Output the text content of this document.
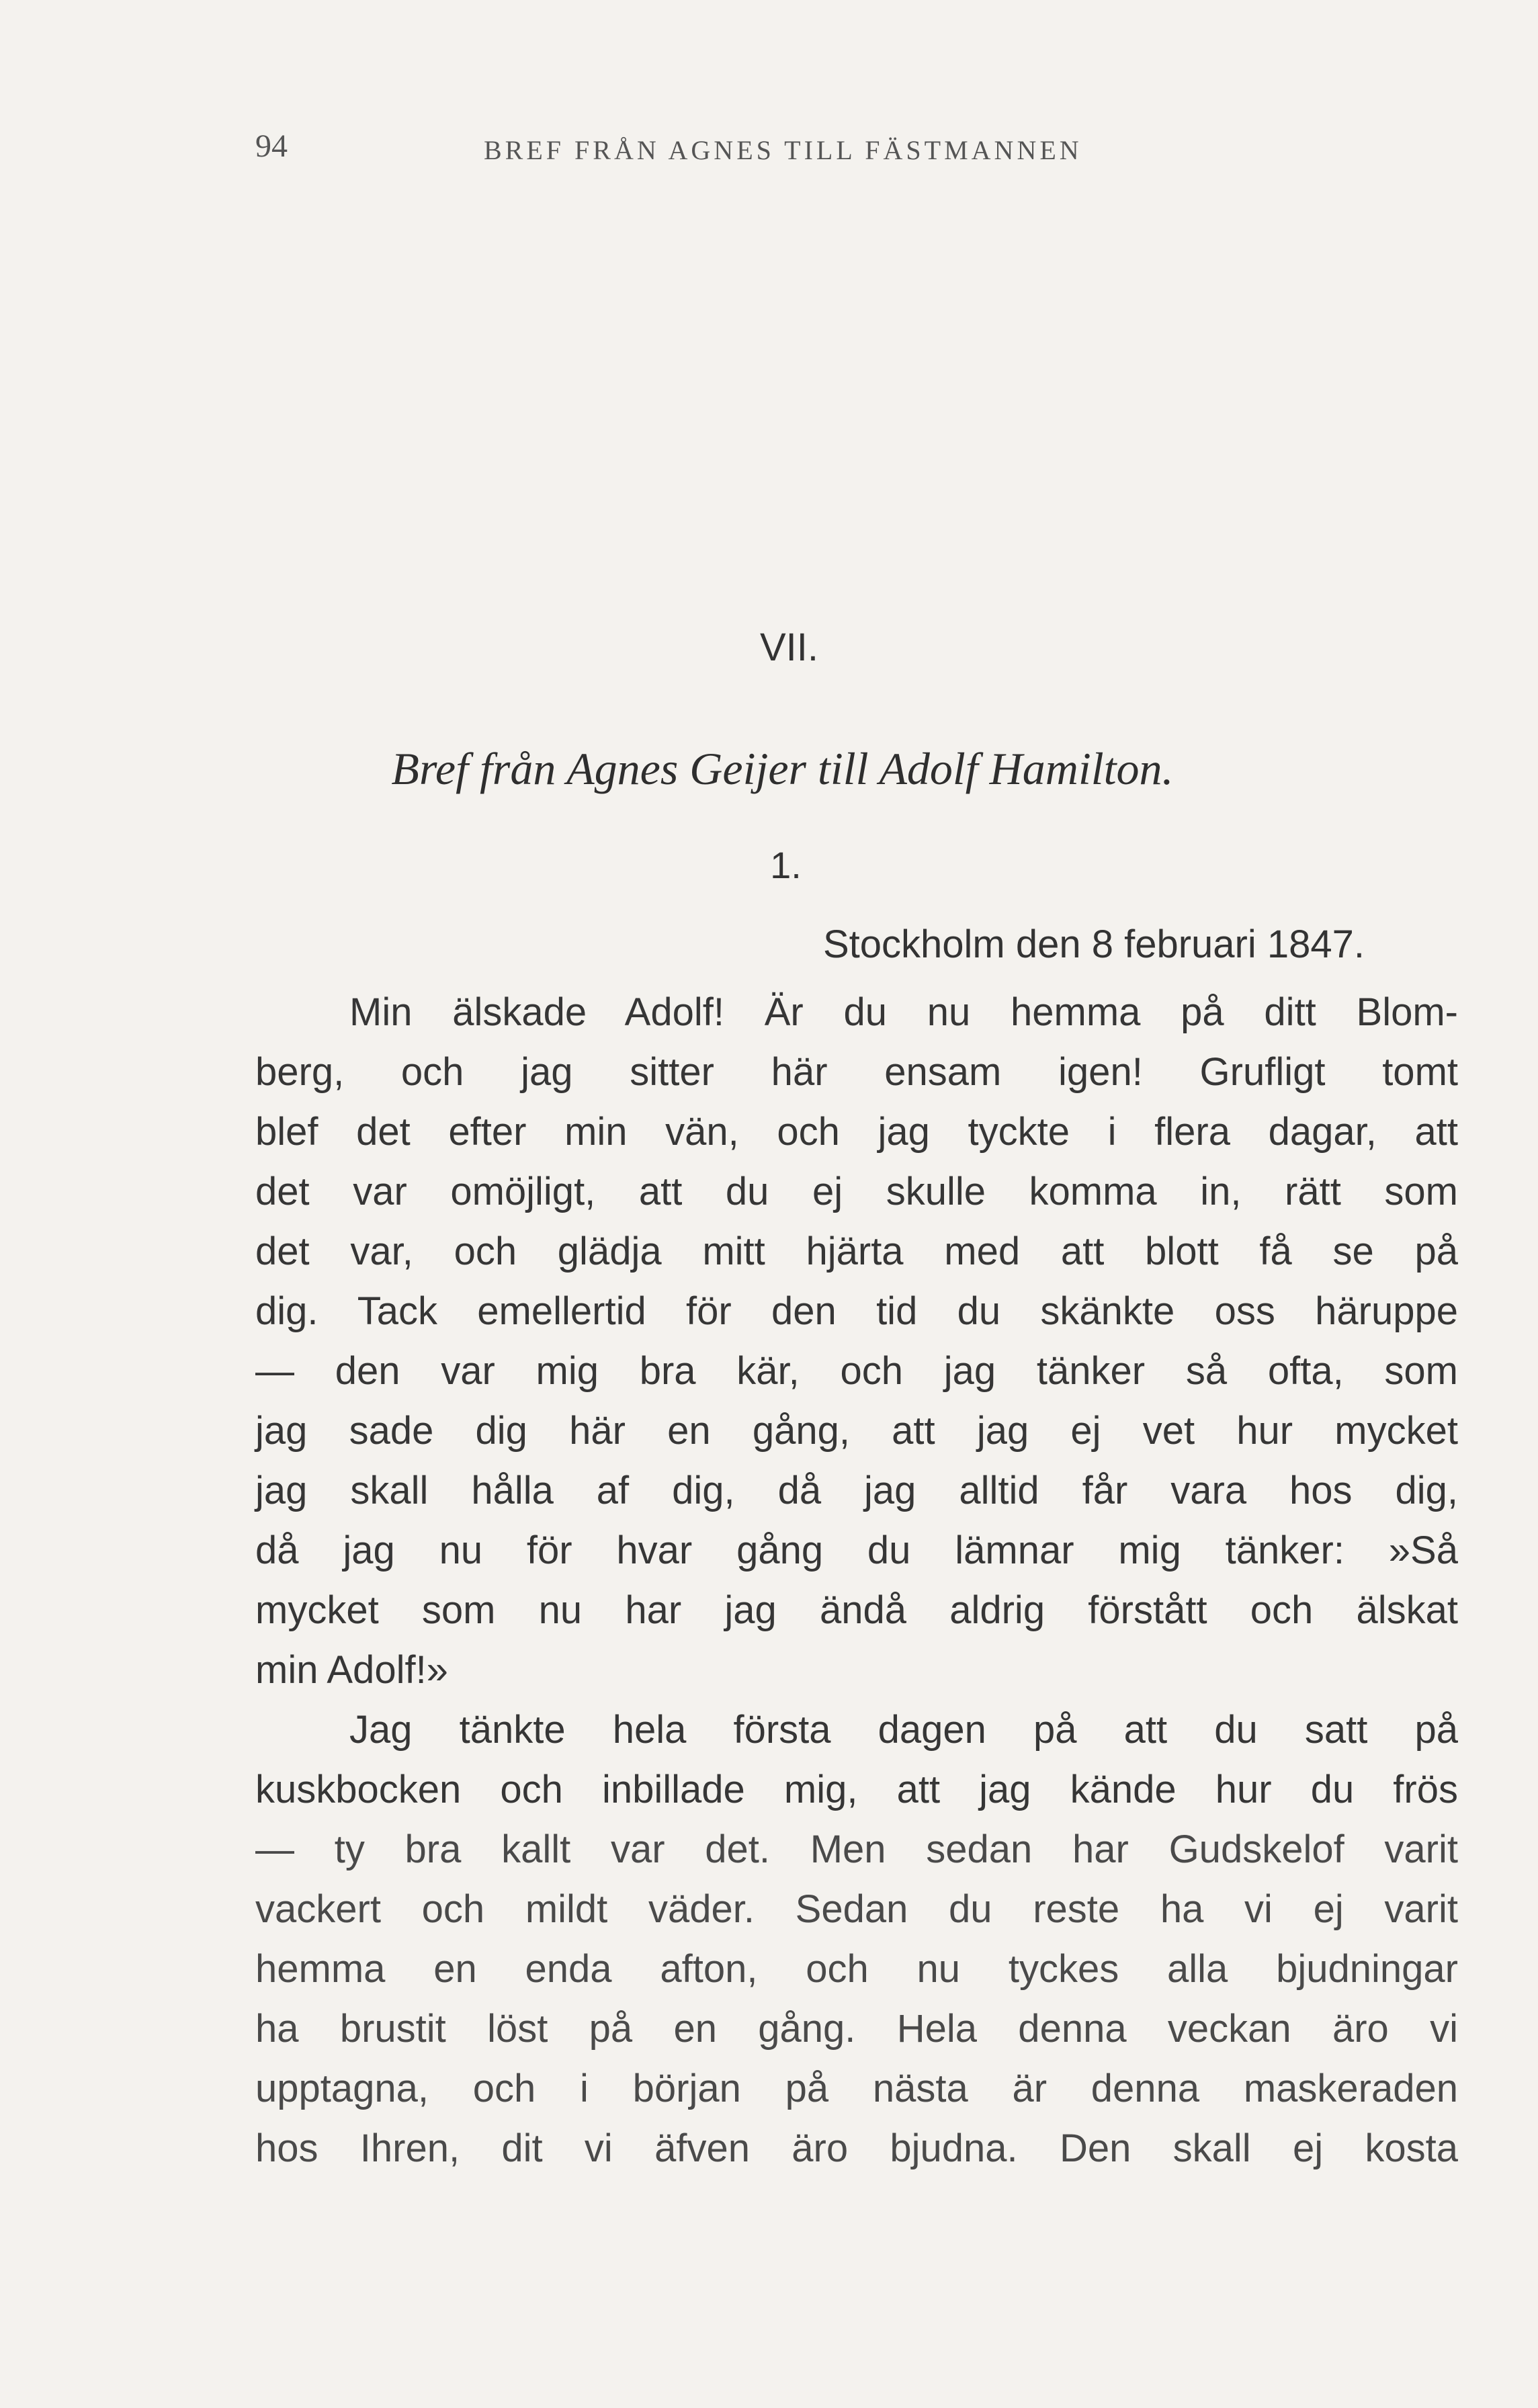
94	BREF FRÅN AGNES TILL FÄSTMANNEN
VII.
Bref från Agnes Geijer till Adolf Hamilton.
1.
Stockholm den 8 februari 1847.
Min älskade Adolf! Är du nu hemma på ditt Blom-
berg, och jag sitter här ensam igen! Grufligt tomt
blef det efter min vän, och jag tyckte i flera dagar, att
det var omöjligt, att du ej skulle komma in, rätt som
det var, och glädja mitt hjärta med att blott få se på
dig. Tack emellertid för den tid du skänkte oss häruppe
— den var mig bra kär, och jag tänker så ofta, som
jag sade dig här en gång, att jag ej vet hur mycket
jag skall hålla af dig, då jag alltid får vara hos dig,
då jag nu för hvar gång du lämnar mig tänker: »Så
mycket som nu har jag ändå aldrig förstått och älskat
min Adolf!»
Jag tänkte hela första dagen på att du satt på
kuskbocken och inbillade mig, att jag kände hur du frös
— ty bra kallt var det. Men sedan har Gudskelof varit
vackert och mildt väder. Sedan du reste ha vi ej varit
hemma en enda afton, och nu tyckes alla bjudningar
ha brustit löst på en gång. Hela denna veckan äro vi
upptagna, och i början på nästa är denna maskeraden
hos Ihren, dit vi äfven äro bjudna. Den skall ej kosta
